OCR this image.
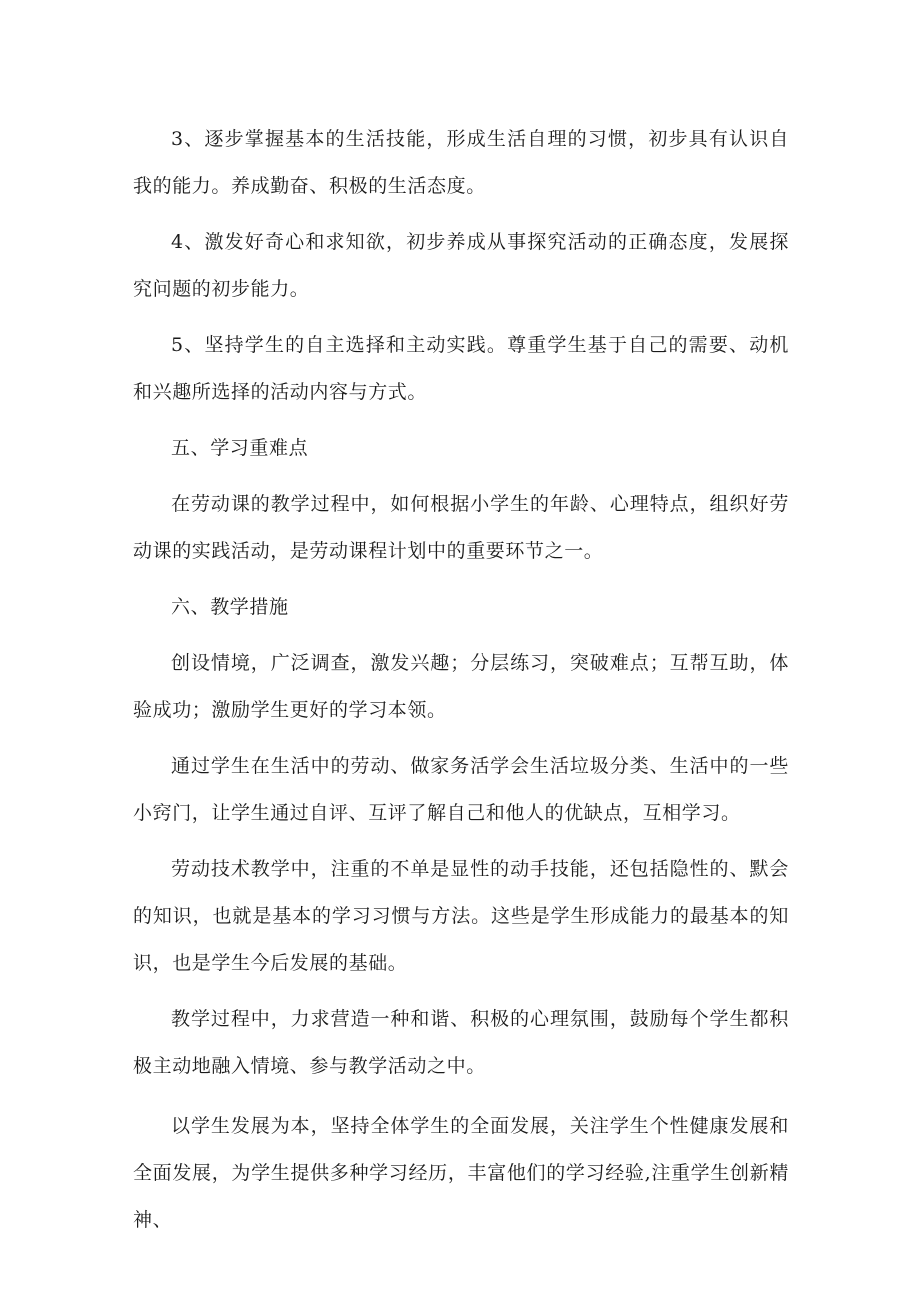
3、逐步掌握基本的生活技能，形成生活自理的习惯，初步具有认识自我的能力。养成勤奋、积极的生活态度。

4、激发好奇心和求知欲，初步养成从事探究活动的正确态度，发展探究问题的初步能力。

5、坚持学生的自主选择和主动实践。尊重学生基于自己的需要、动机和兴趣所选择的活动内容与方式。

五、学习重难点

在劳动课的教学过程中，如何根据小学生的年龄、心理特点，组织好劳动课的实践活动，是劳动课程计划中的重要环节之一。

六、教学措施

创设情境，广泛调查，激发兴趣；分层练习，突破难点；互帮互助，体验成功；激励学生更好的学习本领。

通过学生在生活中的劳动、做家务活学会生活垃圾分类、生活中的一些小窍门，让学生通过自评、互评了解自己和他人的优缺点，互相学习。

劳动技术教学中，注重的不单是显性的动手技能，还包括隐性的、默会的知识，也就是基本的学习习惯与方法。这些是学生形成能力的最基本的知识，也是学生今后发展的基础。

教学过程中，力求营造一种和谐、积极的心理氛围，鼓励每个学生都积极主动地融入情境、参与教学活动之中。

以学生发展为本，坚持全体学生的全面发展，关注学生个性健康发展和全面发展，为学生提供多种学习经历，丰富他们的学习经验,注重学生创新精神、
